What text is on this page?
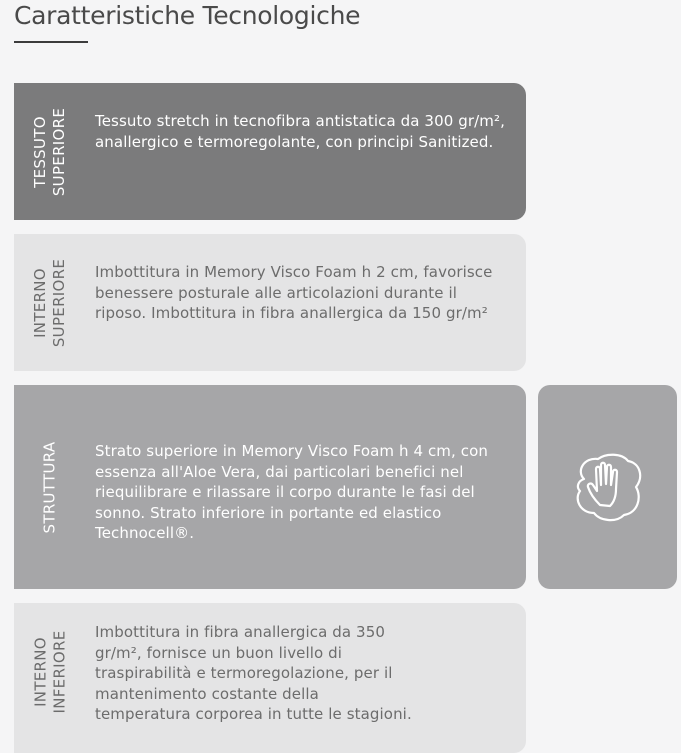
Caratteristiche Tecnologiche
TESSUTO SUPERIORE Tessuto stretch in tecnofibra antistatica da 300 gr/m², anallergico e termoregolante, con principi Sanitized.

INTERNO SUPERIORE Imbottitura in Memory Visco Foam h 2 cm, favorisce benessere posturale alle articolazioni durante il riposo. Imbottitura in fibra anallergica da 150 gr/m²

STRUTTURA Strato superiore in Memory Visco Foam h 4 cm, con essenza all'Aloe Vera, dai particolari benefici nel riequilibrare e rilassare il corpo durante le fasi del sonno. Strato inferiore in portante ed elastico Technocell®.

INTERNO INFERIORE Imbottitura in fibra anallergica da 350 gr/m², fornisce un buon livello di traspirabilità e termoregolazione, per il mantenimento costante della temperatura corporea in tutte le stagioni.
